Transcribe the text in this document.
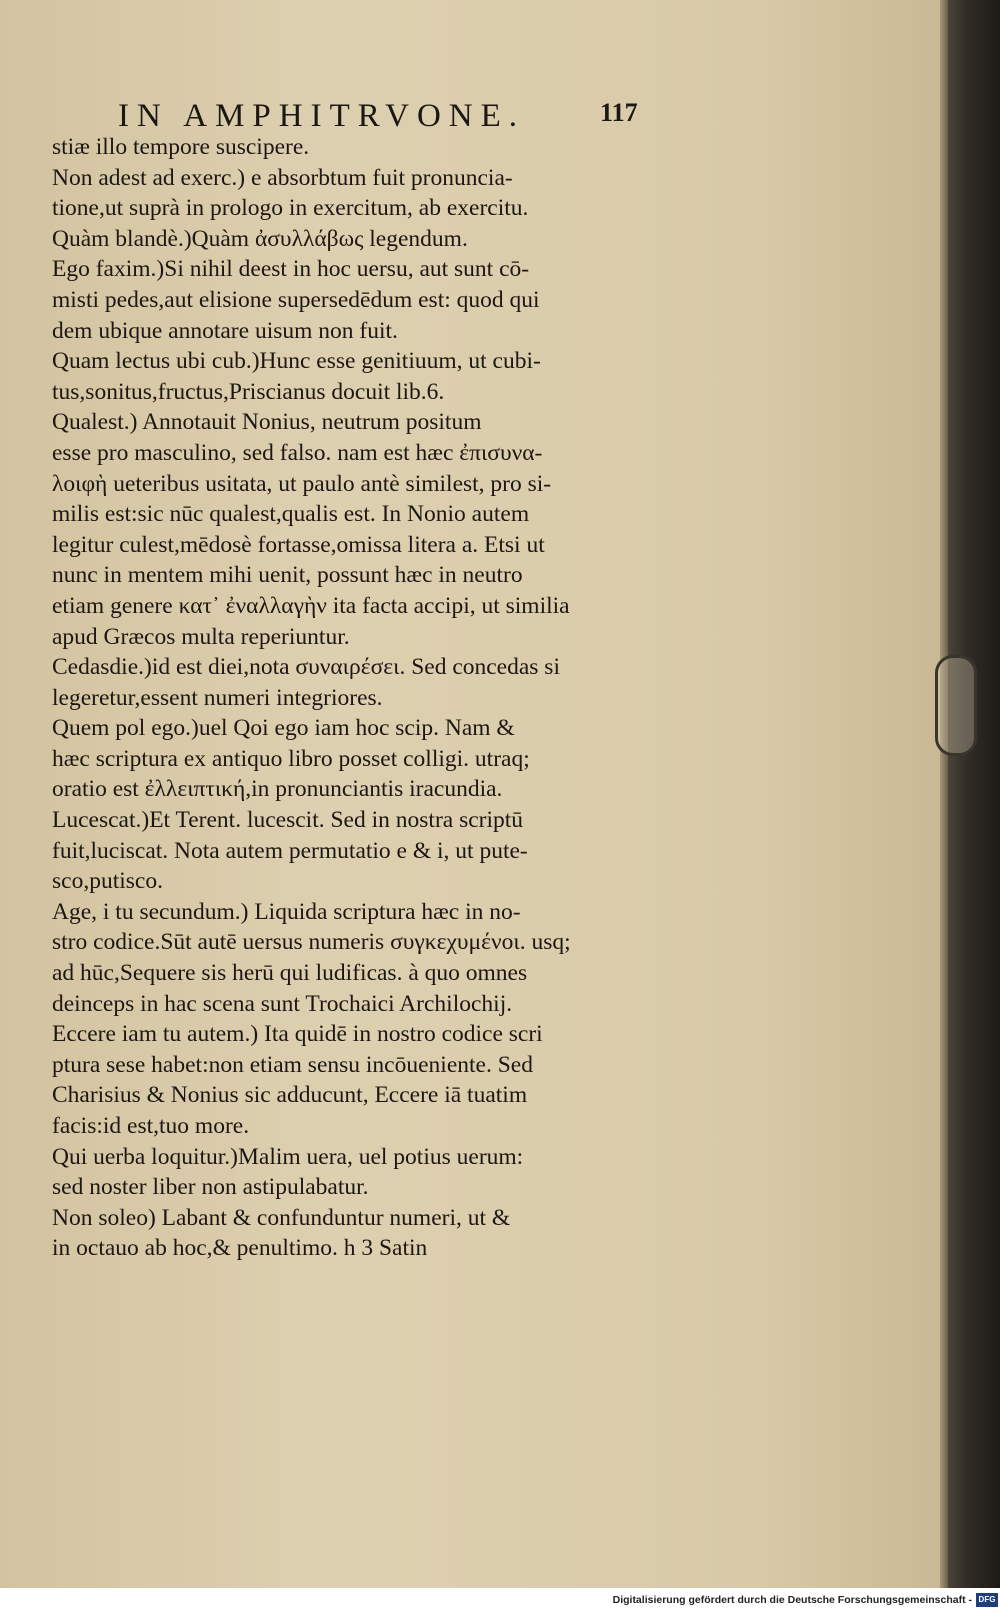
IN AMPHITRVONE.	117
stiæ illo tempore suscipere.
Non adest ad exerc.) e absorbtum fuit pronuncia-
tione,ut suprà in prologo in exercitum, ab exercitu.
Quàm blandè.)Quàm ἀσυλλάβως legendum.
Ego faxim.)Si nihil deest in hoc uersu, aut sunt cō-
misti pedes,aut elisione supersedēdum est: quod qui
dem ubique annotare uisum non fuit.
Quam lectus ubi cub.)Hunc esse genitiuum, ut cubi-
tus,sonitus,fructus,Priscianus docuit lib.6.
Qualest.) Annotauit Nonius, neutrum positum
esse pro masculino, sed falso. nam est hæc ἐπισυνα-
λοιφὴ ueteribus usitata, ut paulo antè similest, pro si-
milis est:sic nūc qualest,qualis est. In Nonio autem
legitur culest,mēdosè fortasse,omissa litera a. Etsi ut
nunc in mentem mihi uenit, possunt hæc in neutro
etiam genere κατ᾽ ἐναλλαγὴν ita facta accipi, ut similia
apud Græcos multa reperiuntur.
Cedasdie.)id est diei,nota συναιρέσει. Sed concedas si
legeretur,essent numeri integriores.
Quem pol ego.)uel Qoi ego iam hoc scip. Nam &
hæc scriptura ex antiquo libro posset colligi. utraq;
oratio est ἐλλειπτική,in pronunciantis iracundia.
Lucescat.)Et Terent. lucescit. Sed in nostra scriptū
fuit,luciscat. Nota autem permutatio e & i, ut pute-
sco,putisco.
Age, i tu secundum.) Liquida scriptura hæc in no-
stro codice.Sūt autē uersus numeris συγκεχυμένοι. usq;
ad hūc,Sequere sis herū qui ludificas. à quo omnes
deinceps in hac scena sunt Trochaici Archilochij.
Eccere iam tu autem.) Ita quidē in nostro codice scri
ptura sese habet:non etiam sensu incōueniente. Sed
Charisius & Nonius sic adducunt, Eccere iā tuatim
facis:id est,tuo more.
Qui uerba loquitur.)Malim uera, uel potius uerum:
sed noster liber non astipulabatur.
Non soleo) Labant & confunduntur numeri, ut &
in octauo ab hoc,& penultimo. h 3 Satin
Digitalisierung gefördert durch die Deutsche Forschungsgemeinschaft - DFG
